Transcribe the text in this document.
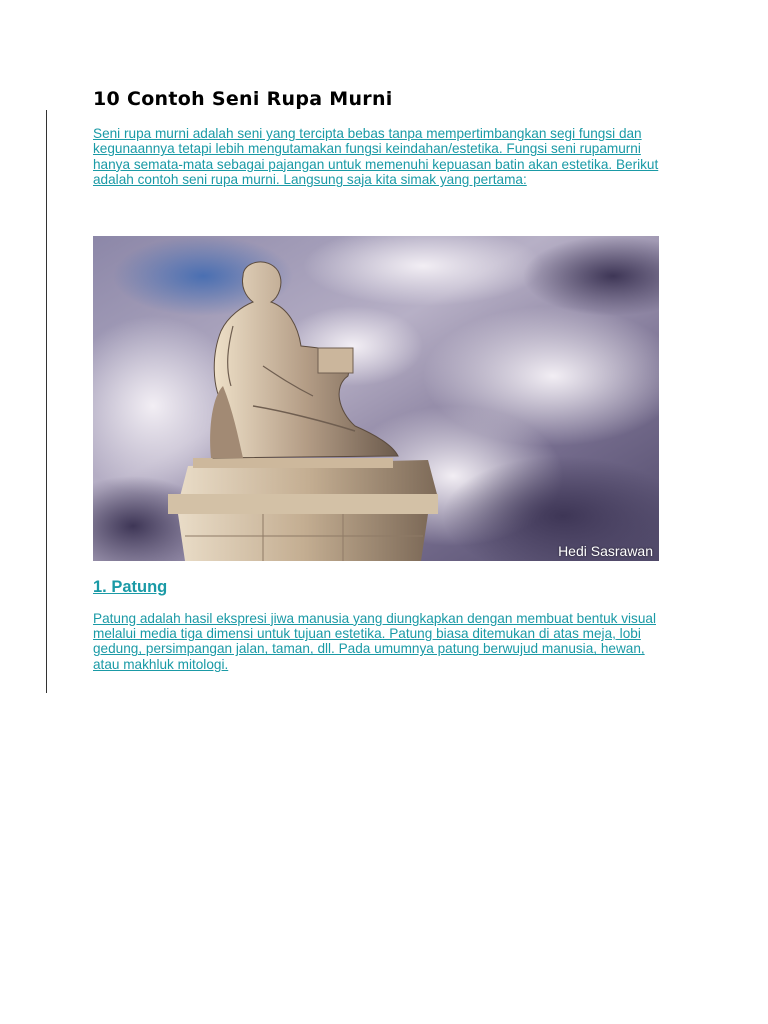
10 Contoh Seni Rupa Murni

Seni rupa murni adalah seni yang tercipta bebas tanpa mempertimbangkan segi fungsi dan kegunaannya tetapi lebih mengutamakan fungsi keindahan/estetika. Fungsi seni rupamurni hanya semata-mata sebagai pajangan untuk memenuhi kepuasan batin akan estetika. Berikut adalah contoh seni rupa murni. Langsung saja kita simak yang pertama:

Hedi Sasrawan
1. Patung

Patung adalah hasil ekspresi jiwa manusia yang diungkapkan dengan membuat bentuk visual melalui media tiga dimensi untuk tujuan estetika. Patung biasa ditemukan di atas meja, lobi gedung, persimpangan jalan, taman, dll. Pada umumnya patung berwujud manusia, hewan, atau makhluk mitologi.
